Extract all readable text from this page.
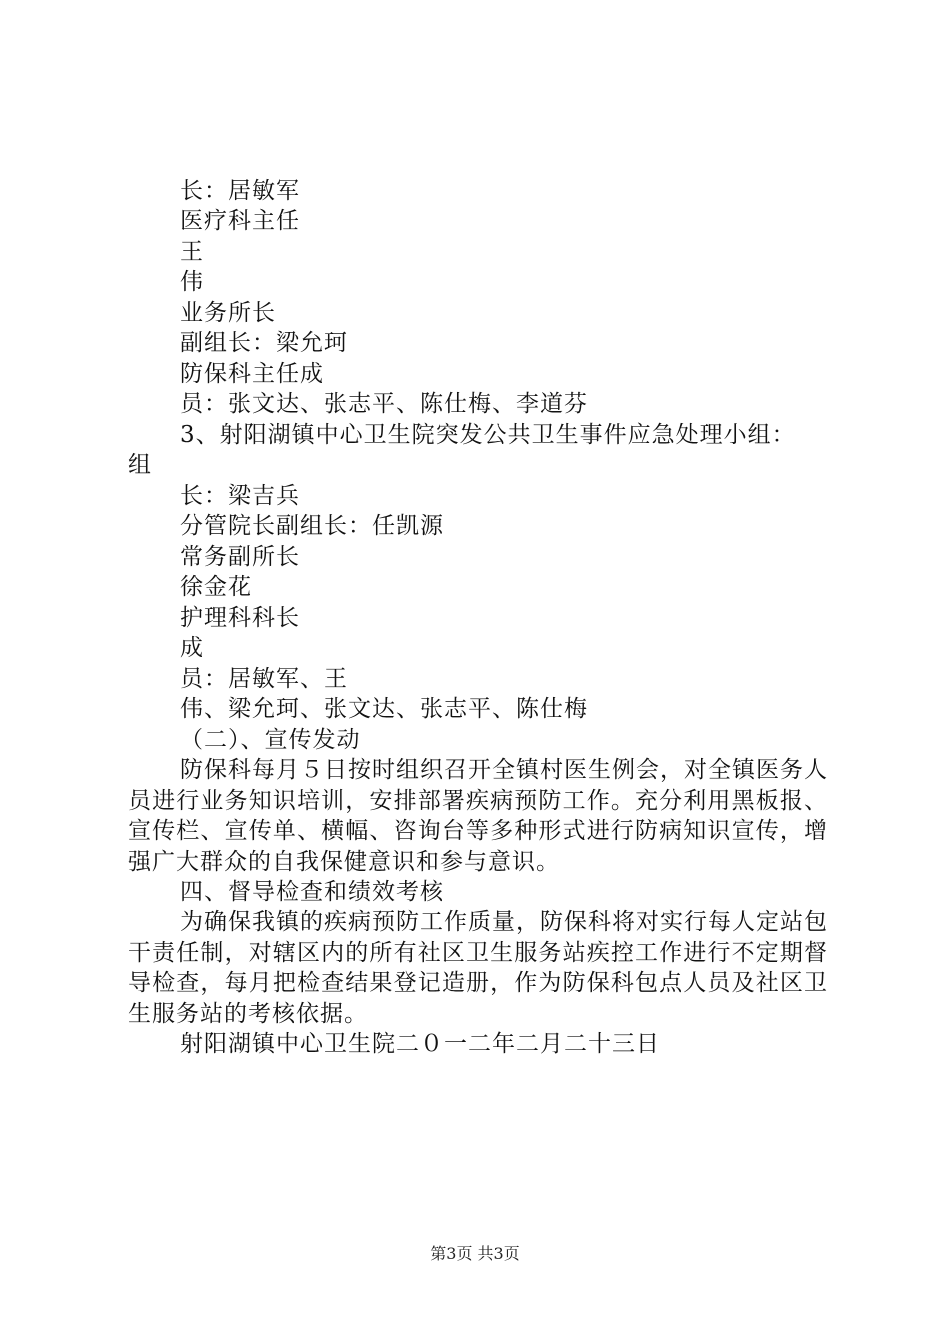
长：居敏军
医疗科主任
王
伟
业务所长
副组长：梁允珂
防保科主任成
员：张文达、张志平、陈仕梅、李道芬
3、射阳湖镇中心卫生院突发公共卫生事件应急处理小组：
组
长：梁吉兵
分管院长副组长：任凯源
常务副所长
徐金花
护理科科长
成
员：居敏军、王
伟、梁允珂、张文达、张志平、陈仕梅
（二）、宣传发动
防保科每月５日按时组织召开全镇村医生例会，对全镇医务人员进行业务知识培训，安排部署疾病预防工作。充分利用黑板报、宣传栏、宣传单、横幅、咨询台等多种形式进行防病知识宣传，增强广大群众的自我保健意识和参与意识。
四、督导检查和绩效考核
为确保我镇的疾病预防工作质量，防保科将对实行每人定站包干责任制，对辖区内的所有社区卫生服务站疾控工作进行不定期督导检查，每月把检查结果登记造册，作为防保科包点人员及社区卫生服务站的考核依据。
射阳湖镇中心卫生院二０一二年二月二十三日
第3页 共3页
